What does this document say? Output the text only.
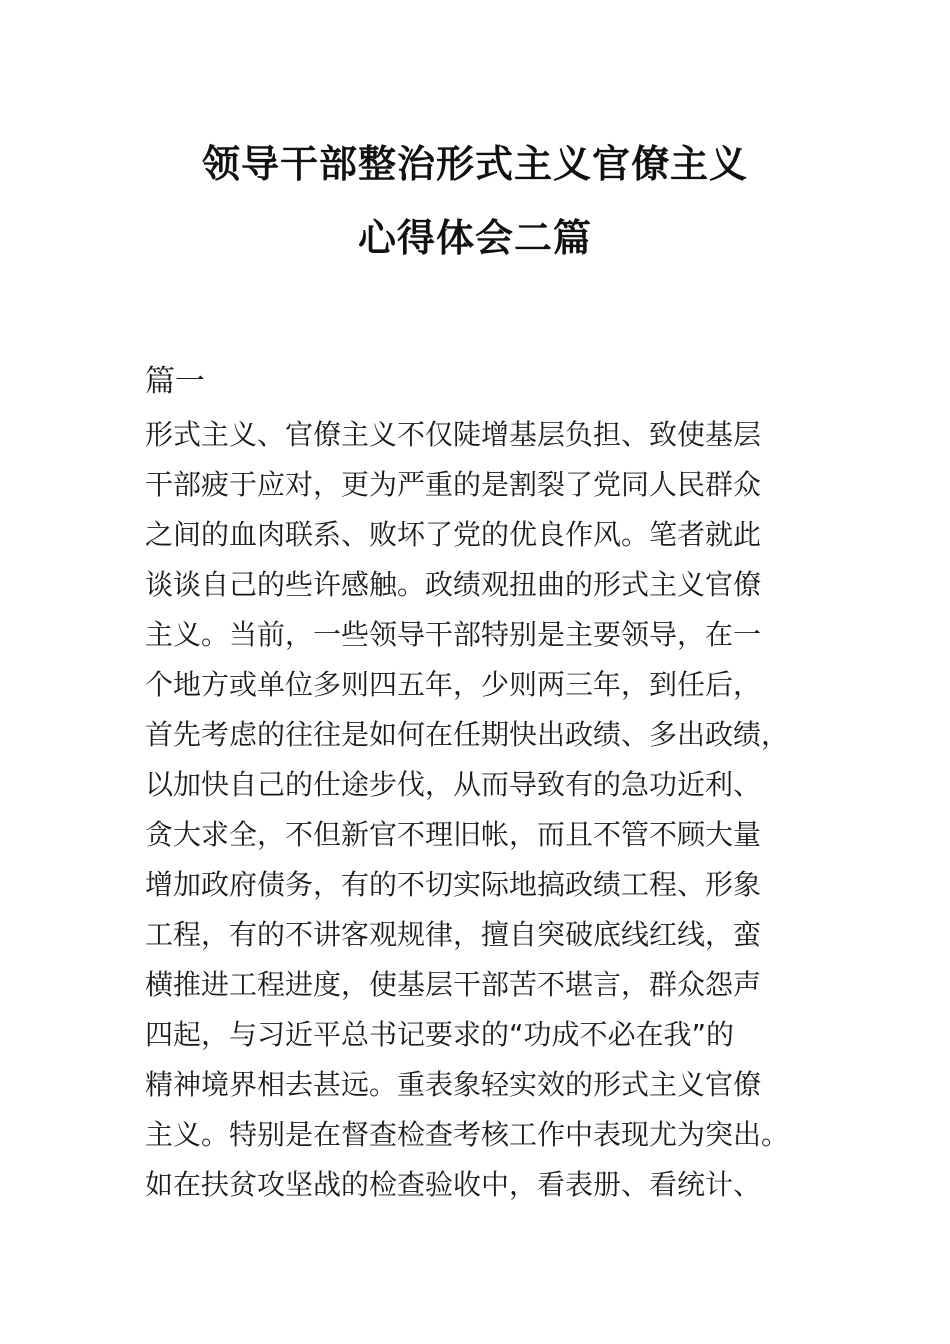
领导干部整治形式主义官僚主义
心得体会二篇
篇一
形式主义、官僚主义不仅陡增基层负担、致使基层
干部疲于应对，更为严重的是割裂了党同人民群众
之间的血肉联系、败坏了党的优良作风。笔者就此
谈谈自己的些许感触。政绩观扭曲的形式主义官僚
主义。当前，一些领导干部特别是主要领导，在一
个地方或单位多则四五年，少则两三年，到任后，
首先考虑的往往是如何在任期快出政绩、多出政绩，
以加快自己的仕途步伐，从而导致有的急功近利、
贪大求全，不但新官不理旧帐，而且不管不顾大量
增加政府债务，有的不切实际地搞政绩工程、形象
工程，有的不讲客观规律，擅自突破底线红线，蛮
横推进工程进度，使基层干部苦不堪言，群众怨声
四起，与习近平总书记要求的“功成不必在我”的
精神境界相去甚远。重表象轻实效的形式主义官僚
主义。特别是在督查检查考核工作中表现尤为突出。
如在扶贫攻坚战的检查验收中，看表册、看统计、
